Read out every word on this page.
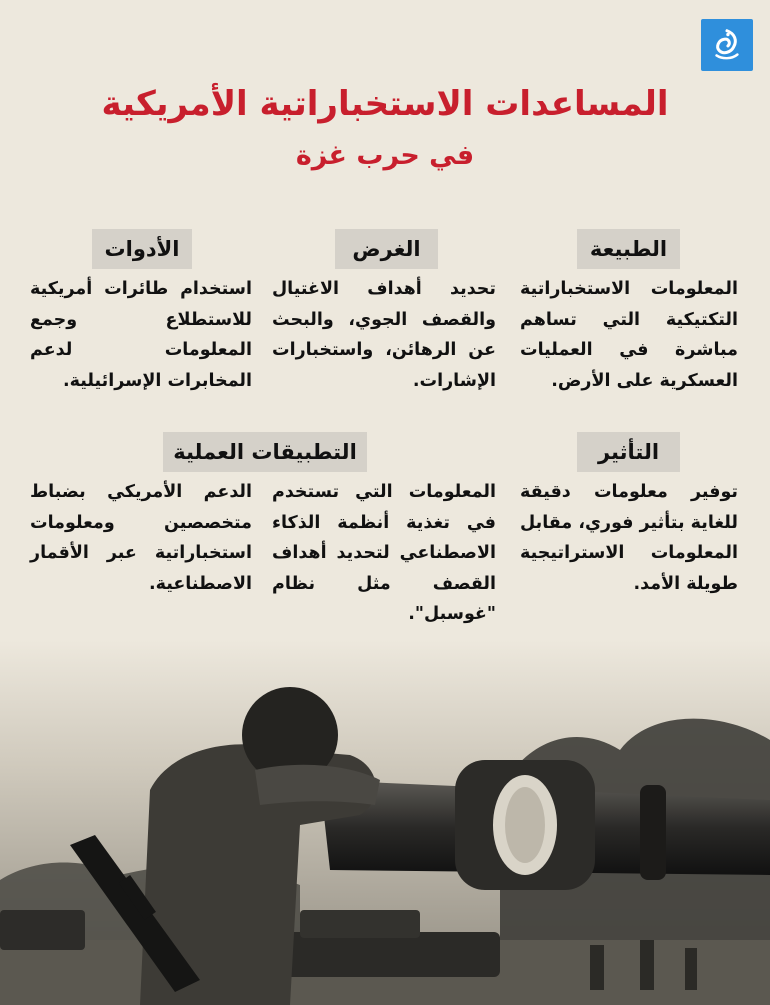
المساعدات الاستخباراتية الأمريكية
في حرب غزة
الطبيعة
المعلومات الاستخباراتية التكتيكية التي تساهم مباشرة في العمليات العسكرية على الأرض.
الغرض
تحديد أهداف الاغتيال والقصف الجوي، والبحث عن الرهائن، واستخبارات الإشارات.
الأدوات
استخدام طائرات أمريكية للاستطلاع وجمع المعلومات لدعم المخابرات الإسرائيلية.
التأثير
توفير معلومات دقيقة للغاية بتأثير فوري، مقابل المعلومات الاستراتيجية طويلة الأمد.
التطبيقات العملية
المعلومات التي تستخدم في تغذية أنظمة الذكاء الاصطناعي لتحديد أهداف القصف مثل نظام "غوسبل".
الدعم الأمريكي بضباط متخصصين ومعلومات استخباراتية عبر الأقمار الاصطناعية.
